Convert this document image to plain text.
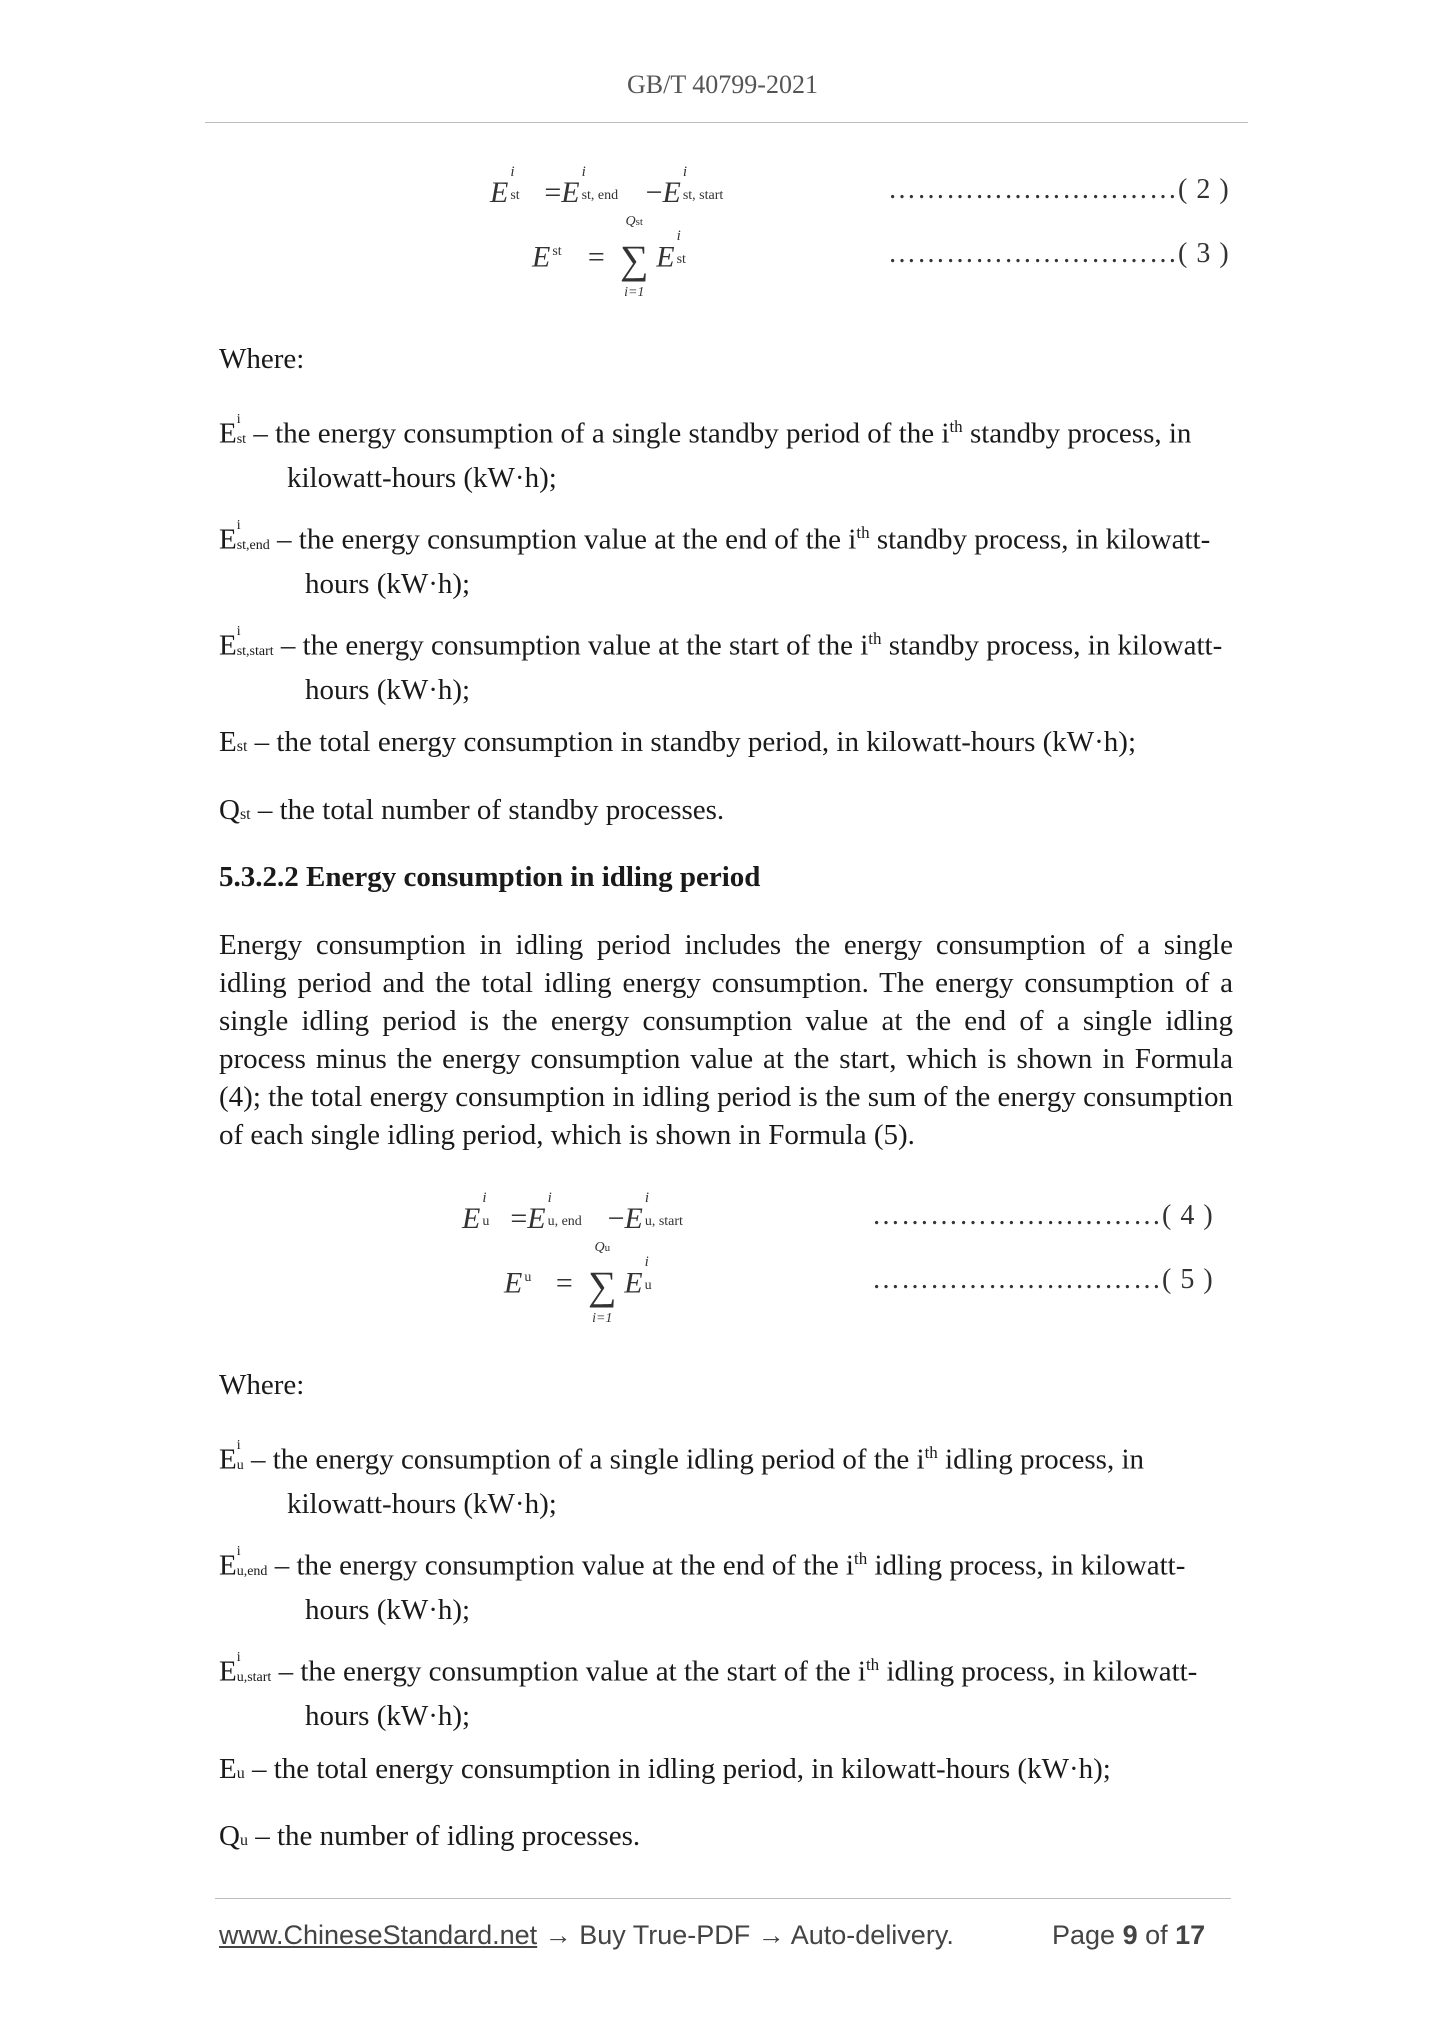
GB/T 40799-2021
E
i
st =E
i
st, end −E
i
st, start	…………………………( 2 )
E st = ∑
Qst
i=1
E
i
st	…………………………( 3 )
Where:
E i
st – the energy consumption of a single standby period of the $i^{th}$ standby process, in
kilowatt-hours (kW·h);
E i
st,end – the energy consumption value at the end of the $i^{th}$ standby process, in kilowatt-
hours (kW·h);
E i
st,start – the energy consumption value at the start of the $i^{th}$ standby process, in kilowatt-
hours (kW·h);
Est – the total energy consumption in standby period, in kilowatt-hours (kW·h);
Qst – the total number of standby processes.
5.3.2.2 Energy consumption in idling period
Energy consumption in idling period includes the energy consumption of a single idling period and the total idling energy consumption. The energy consumption of a single idling period is the energy consumption value at the end of a single idling process minus the energy consumption value at the start, which is shown in Formula (4); the total energy consumption in idling period is the sum of the energy consumption of each single idling period, which is shown in Formula (5).
E
i
u =E
i
u, end −E
i
u, start	…………………………( 4 )
E u = ∑
Qu
i=1
E
i
u	…………………………( 5 )
Where:
E i
u – the energy consumption of a single idling period of the $i^{th}$ idling process, in
kilowatt-hours (kW·h);
E i
u,end – the energy consumption value at the end of the $i^{th}$ idling process, in kilowatt-
hours (kW·h);
E i
u,start – the energy consumption value at the start of the $i^{th}$ idling process, in kilowatt-
hours (kW·h);
Eu – the total energy consumption in idling period, in kilowatt-hours (kW·h);
Qu – the number of idling processes.
www.ChineseStandard.net → Buy True-PDF → Auto-delivery.	Page 9 of 17
